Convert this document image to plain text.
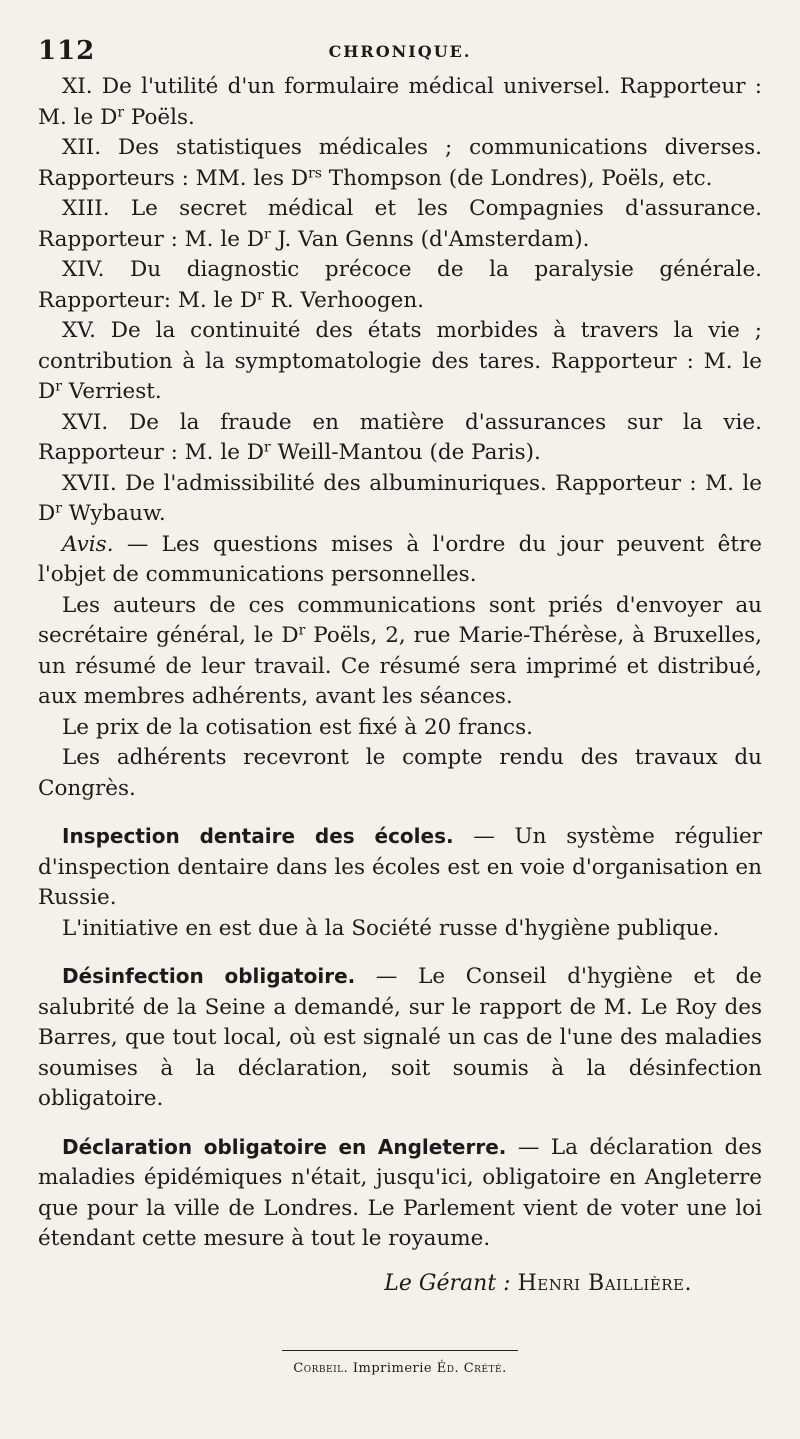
112	CHRONIQUE.

XI. De l'utilité d'un formulaire médical universel. Rapporteur : M. le $D^r$ Poëls.

XII. Des statistiques médicales ; communications diverses. Rapporteurs : MM. les $D^{rs}$ Thompson (de Londres), Poëls, etc.

XIII. Le secret médical et les Compagnies d'assurance. Rapporteur : M. le $D^r$ J. Van Genns (d'Amsterdam).

XIV. Du diagnostic précoce de la paralysie générale. Rapporteur: M. le $D^r$ R. Verhoogen.

XV. De la continuité des états morbides à travers la vie ; contribution à la symptomatologie des tares. Rapporteur : M. le $D^r$ Verriest.

XVI. De la fraude en matière d'assurances sur la vie. Rapporteur : M. le $D^r$ Weill-Mantou (de Paris).

XVII. De l'admissibilité des albuminuriques. Rapporteur : M. le $D^r$ Wybauw.

Avis. — Les questions mises à l'ordre du jour peuvent être l'objet de communications personnelles.

Les auteurs de ces communications sont priés d'envoyer au secrétaire général, le $D^r$ Poëls, 2, rue Marie-Thérèse, à Bruxelles, un résumé de leur travail. Ce résumé sera imprimé et distribué, aux membres adhérents, avant les séances.

Le prix de la cotisation est fixé à 20 francs.

Les adhérents recevront le compte rendu des travaux du Congrès.

Inspection dentaire des écoles. — Un système régulier d'inspection dentaire dans les écoles est en voie d'organisation en Russie.

L'initiative en est due à la Société russe d'hygiène publique.

Désinfection obligatoire. — Le Conseil d'hygiène et de salubrité de la Seine a demandé, sur le rapport de M. Le Roy des Barres, que tout local, où est signalé un cas de l'une des maladies soumises à la déclaration, soit soumis à la désinfection obligatoire.

Déclaration obligatoire en Angleterre. — La déclaration des maladies épidémiques n'était, jusqu'ici, obligatoire en Angleterre que pour la ville de Londres. Le Parlement vient de voter une loi étendant cette mesure à tout le royaume.

Le Gérant : Henri Baillière.
Corbeil. Imprimerie Éd. Crété.
